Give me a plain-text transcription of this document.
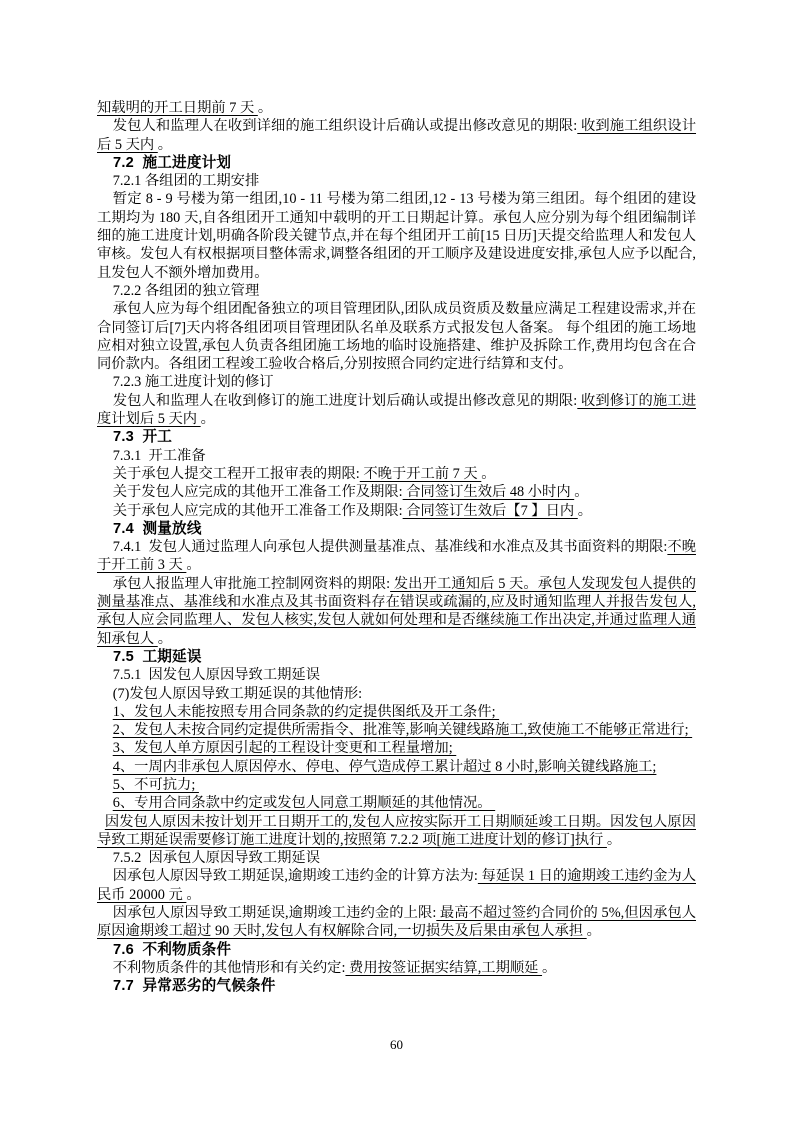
知载明的开工日期前 7 天 。

发包人和监理人在收到详细的施工组织设计后确认或提出修改意见的期限: 收到施工组织设计后 5 天内 。

7.2  施工进度计划

7.2.1 各组团的工期安排

暂定 8 - 9 号楼为第一组团,10 - 11 号楼为第二组团,12 - 13 号楼为第三组团。每个组团的建设工期均为 180 天,自各组团开工通知中载明的开工日期起计算。承包人应分别为每个组团编制详细的施工进度计划,明确各阶段关键节点,并在每个组团开工前[15 日历]天提交给监理人和发包人审核。发包人有权根据项目整体需求,调整各组团的开工顺序及建设进度安排,承包人应予以配合,且发包人不额外增加费用。

7.2.2 各组团的独立管理

承包人应为每个组团配备独立的项目管理团队,团队成员资质及数量应满足工程建设需求,并在合同签订后[7]天内将各组团项目管理团队名单及联系方式报发包人备案。 每个组团的施工场地应相对独立设置,承包人负责各组团施工场地的临时设施搭建、维护及拆除工作,费用均包含在合同价款内。各组团工程竣工验收合格后,分别按照合同约定进行结算和支付。

7.2.3 施工进度计划的修订

发包人和监理人在收到修订的施工进度计划后确认或提出修改意见的期限: 收到修订的施工进度计划后 5 天内 。

7.3  开工

7.3.1  开工准备

关于承包人提交工程开工报审表的期限: 不晚于开工前 7 天 。

关于发包人应完成的其他开工准备工作及期限: 合同签订生效后 48 小时内 。

关于承包人应完成的其他开工准备工作及期限: 合同签订生效后【7 】日内 。

7.4  测量放线

7.4.1  发包人通过监理人向承包人提供测量基准点、基准线和水准点及其书面资料的期限:不晚于开工前 3 天 。

承包人报监理人审批施工控制网资料的期限: 发出开工通知后 5 天。承包人发现发包人提供的测量基准点、基准线和水准点及其书面资料存在错误或疏漏的,应及时通知监理人并报告发包人,承包人应会同监理人、发包人核实,发包人就如何处理和是否继续施工作出决定,并通过监理人通知承包人 。

7.5  工期延误

7.5.1  因发包人原因导致工期延误

(7)发包人原因导致工期延误的其他情形:

1、发包人未能按照专用合同条款的约定提供图纸及开工条件;

2、发包人未按合同约定提供所需指令、批准等,影响关键线路施工,致使施工不能够正常进行;

3、发包人单方原因引起的工程设计变更和工程量增加;

4、一周内非承包人原因停水、停电、停气造成停工累计超过 8 小时,影响关键线路施工;

5、不可抗力;

6、专用合同条款中约定或发包人同意工期顺延的其他情况。

因发包人原因未按计划开工日期开工的,发包人应按实际开工日期顺延竣工日期。因发包人原因导致工期延误需要修订施工进度计划的,按照第 7.2.2 项[施工进度计划的修订]执行 。

7.5.2  因承包人原因导致工期延误

因承包人原因导致工期延误,逾期竣工违约金的计算方法为: 每延误 1 日的逾期竣工违约金为人民币 20000 元 。

因承包人原因导致工期延误,逾期竣工违约金的上限: 最高不超过签约合同价的 5%,但因承包人原因逾期竣工超过 90 天时,发包人有权解除合同,一切损失及后果由承包人承担 。

7.6  不利物质条件

不利物质条件的其他情形和有关约定: 费用按签证据实结算,工期顺延 。

7.7  异常恶劣的气候条件

60
